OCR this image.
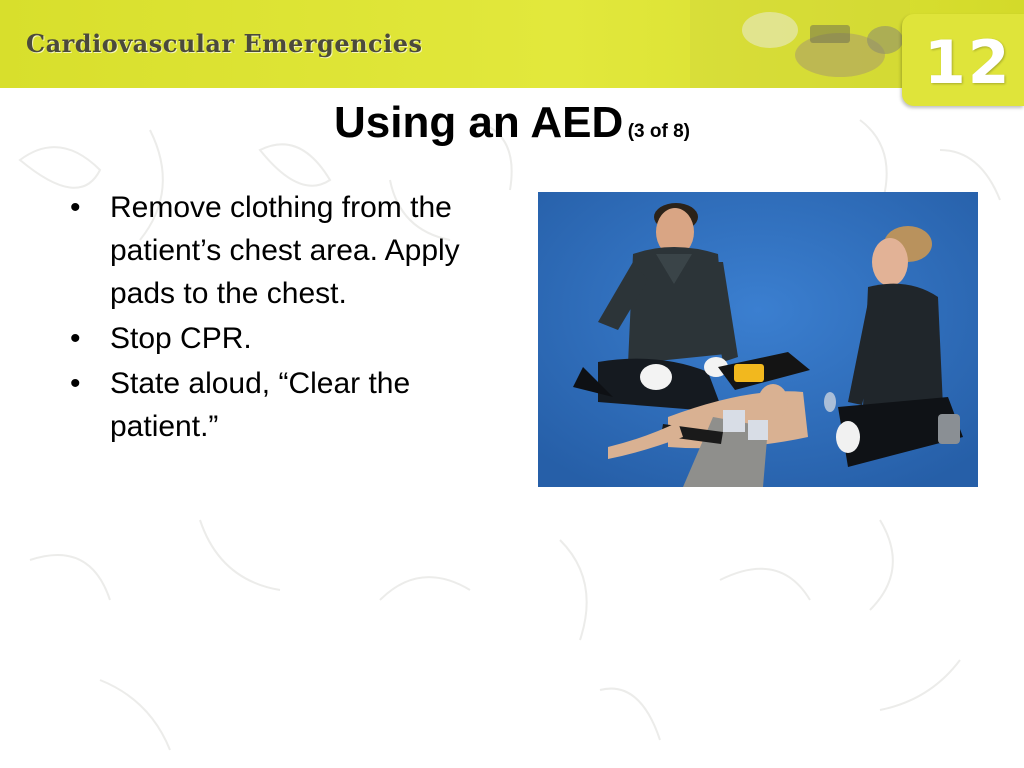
Cardiovascular Emergencies	12
Using an AED (3 of 8)
• Remove clothing from the patient’s chest area. Apply pads to the chest.
• Stop CPR.
• State aloud, “Clear the patient.”
